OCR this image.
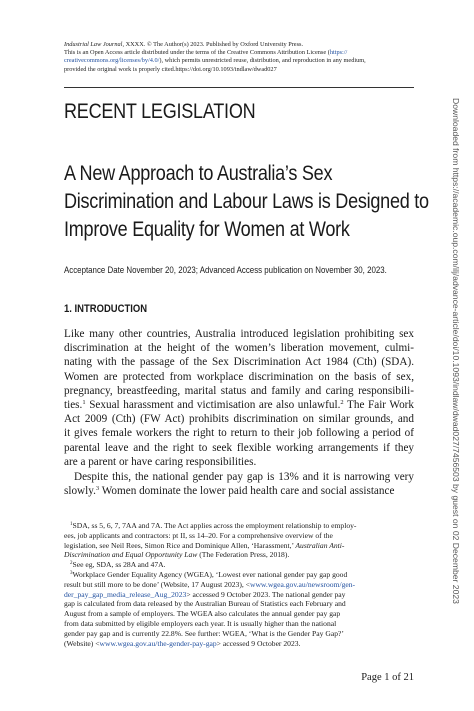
Industrial Law Journal, XXXX. © The Author(s) 2023. Published by Oxford University Press.
This is an Open Access article distributed under the terms of the Creative Commons Attribution License (https://
creativecommons.org/licenses/by/4.0/), which permits unrestricted reuse, distribution, and reproduction in any medium,
provided the original work is properly cited.https://doi.org/10.1093/indlaw/dwad027
RECENT LEGISLATION
A New Approach to Australia’s Sex
Discrimination and Labour Laws is Designed to
Improve Equality for Women at Work
Acceptance Date November 20, 2023; Advanced Access publication on November 30, 2023.
1. INTRODUCTION
Like many other countries, Australia introduced legislation prohibiting sex
discrimination at the height of the women’s liberation movement, culmi-
nating with the passage of the Sex Discrimination Act 1984 (Cth) (SDA).
Women are protected from workplace discrimination on the basis of sex,
pregnancy, breastfeeding, marital status and family and caring responsibili-
ties.$^1$ Sexual harassment and victimisation are also unlawful.$^2$ The Fair Work
Act 2009 (Cth) (FW Act) prohibits discrimination on similar grounds, and
it gives female workers the right to return to their job following a period of
parental leave and the right to seek flexible working arrangements if they
are a parent or have caring responsibilities.
Despite this, the national gender pay gap is 13% and it is narrowing very
slowly.$^3$ Women dominate the lower paid health care and social assistance
$^1$SDA, ss 5, 6, 7, 7AA and 7A. The Act applies across the employment relationship to employ-
ees, job applicants and contractors: pt II, ss 14–20. For a comprehensive overview of the
legislation, see Neil Rees, Simon Rice and Dominique Allen, ‘Harassment,’ Australian Anti-
Discrimination and Equal Opportunity Law (The Federation Press, 2018).
$^2$See eg, SDA, ss 28A and 47A.
$^3$Workplace Gender Equality Agency (WGEA), ‘Lowest ever national gender pay gap good
result but still more to be done’ (Website, 17 August 2023), <www.wgea.gov.au/newsroom/gen-
der_pay_gap_media_release_Aug_2023> accessed 9 October 2023. The national gender pay
gap is calculated from data released by the Australian Bureau of Statistics each February and
August from a sample of employers. The WGEA also calculates the annual gender pay gap
from data submitted by eligible employers each year. It is usually higher than the national
gender pay gap and is currently 22.8%. See further: WGEA, ‘What is the Gender Pay Gap?’
(Website) <www.wgea.gov.au/the-gender-pay-gap> accessed 9 October 2023.
Page 1 of 21
Downloaded from https://academic.oup.com/ilj/advance-article/doi/10.1093/indlaw/dwad027/7456503 by guest on 02 December 2023
